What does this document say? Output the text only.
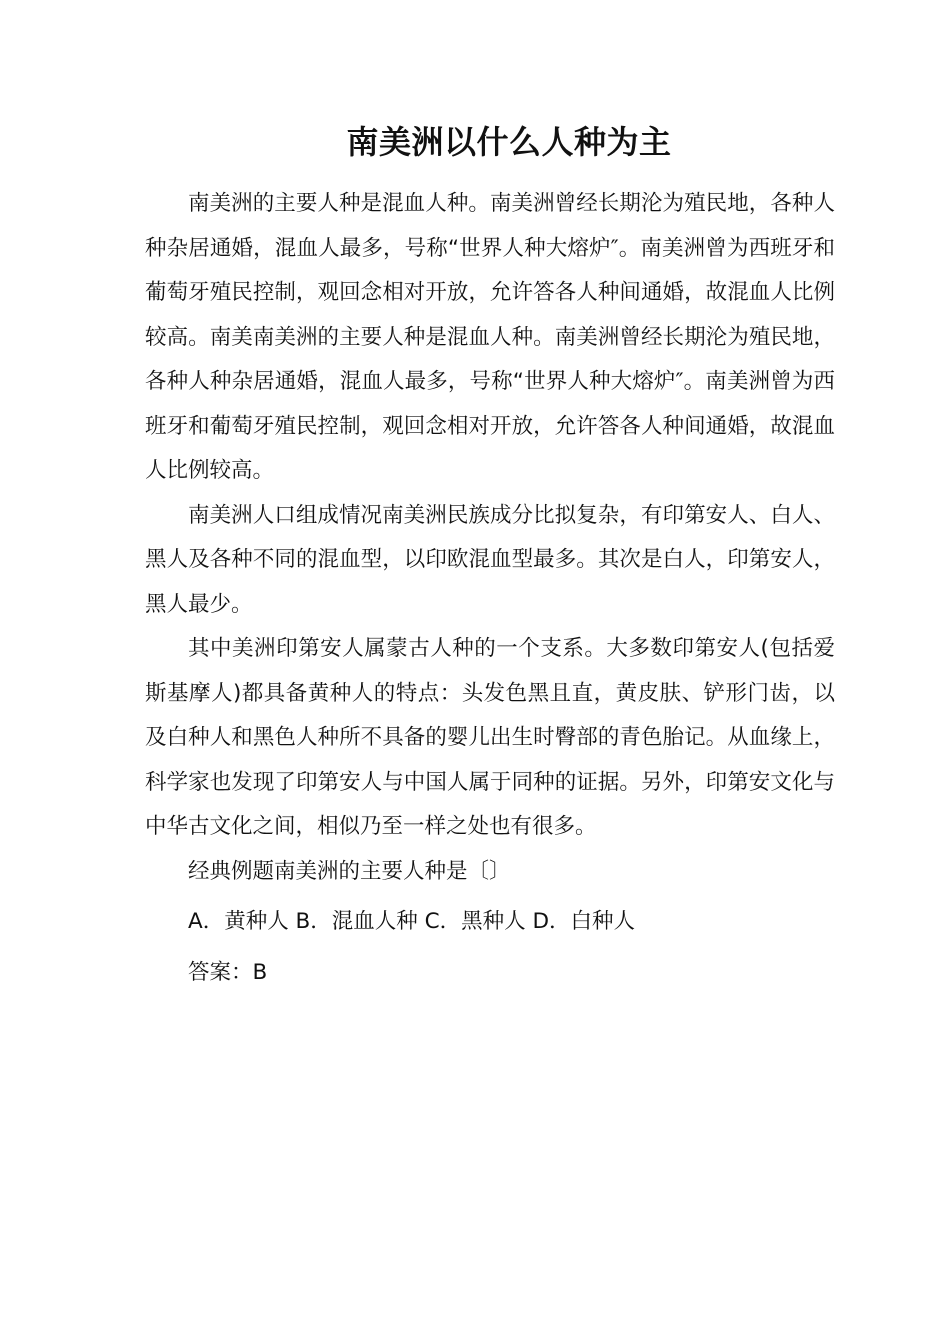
南美洲以什么人种为主

南美洲的主要人种是混血人种。南美洲曾经长期沦为殖民地，各种人种杂居通婚，混血人最多，号称“世界人种大熔炉″。南美洲曾为西班牙和葡萄牙殖民控制，观回念相对开放，允许答各人种间通婚，故混血人比例较高。南美南美洲的主要人种是混血人种。南美洲曾经长期沦为殖民地，各种人种杂居通婚，混血人最多，号称“世界人种大熔炉″。南美洲曾为西班牙和葡萄牙殖民控制，观回念相对开放，允许答各人种间通婚，故混血人比例较高。

南美洲人口组成情况南美洲民族成分比拟复杂，有印第安人、白人、黑人及各种不同的混血型，以印欧混血型最多。其次是白人，印第安人，黑人最少。

其中美洲印第安人属蒙古人种的一个支系。大多数印第安人(包括爱斯基摩人)都具备黄种人的特点：头发色黑且直，黄皮肤、铲形门齿，以及白种人和黑色人种所不具备的婴儿出生时臀部的青色胎记。从血缘上，科学家也发现了印第安人与中国人属于同种的证据。另外，印第安文化与中华古文化之间，相似乃至一样之处也有很多。

经典例题南美洲的主要人种是〔〕

A．黄种人 B．混血人种 C．黑种人 D．白种人

答案：B
